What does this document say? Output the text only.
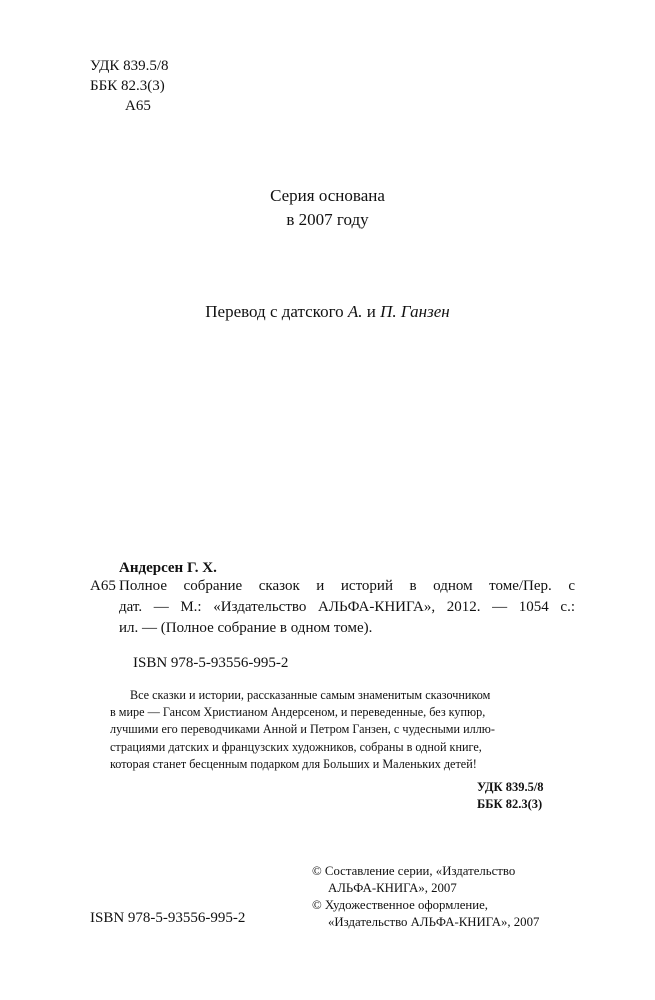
УДК 839.5/8
ББК 82.3(3)
А65
Серия основана
в 2007 году
Перевод с датского А. и П. Ганзен
Андерсен Г. Х.
А65 Полное собрание сказок и историй в одном томе/Пер. с
дат. — М.: «Издательство АЛЬФА-КНИГА», 2012. — 1054 с.:
ил. — (Полное собрание в одном томе).
ISBN 978-5-93556-995-2
Все сказки и истории, рассказанные самым знаменитым сказочником
в мире — Гансом Христианом Андерсеном, и переведенные, без купюр,
лучшими его переводчиками Анной и Петром Ганзен, с чудесными иллю-
страциями датских и французских художников, собраны в одной книге,
которая станет бесценным подарком для Больших и Маленьких детей!
УДК 839.5/8
ББК 82.3(3)
© Составление серии, «Издательство
АЛЬФА-КНИГА», 2007
© Художественное оформление,
«Издательство АЛЬФА-КНИГА», 2007
ISBN 978-5-93556-995-2
